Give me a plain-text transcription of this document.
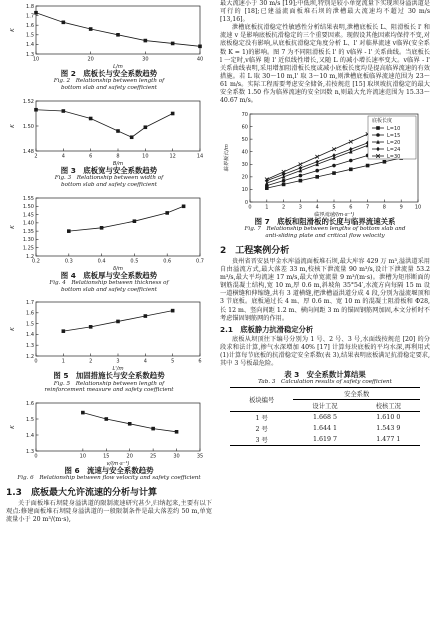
1.8
1.7
1.6
1.5
1.4
1.3
10	20	30	40
L/m
K
图 2　底板长与安全系数趋势
Fig. 2　Relationship between length of
bottom slab and safety coefficient
1.52
1.50
1.48
2	4	6	8	10	12	14
B/m
K
图 3　底板宽与安全系数趋势
Fig. 3　Relationship between width of
bottom slab and safety coefficient
1.55
1.50
1.45
1.40
1.35
1.30
1.25
1.2
0.2	0.3	0.4	0.5	0.6	0.7
δ/m
K
图 4　底板厚与安全系数趋势
Fig. 4　Relationship between thickness of
bottom slab and safety coefficient
1.7
1.6
1.5
1.4
1.3
1.2
0	1	2	3	4	5	6
L'/m
K
图 5　加固措施长与安全系数趋势
Fig. 5　Relationship between length of
reinforcement measure and safety coefficient
1.6
1.5
1.4
1.3
0	10	15	20	25	30	35
v/(m·s⁻¹)
K
图 6　流速与安全系数趋势
Fig. 6　Relationship between flow velocity and safety coefficient
1.3　底板最大允许流速的分析与计算

关于面板堆石坝陡身溢洪道的限制流速研究甚少,归纳起来,主要有以下观点:修建面板堆石坝陡身溢洪道的一般限制条件是最大落差约 50 m,单宽流量小于 20 m³/(m·s),

最大流速小于 30 m/s [19];中低坝,特别是较小单宽流量下实现坝身溢洪道是可行的 [18];已建溢流面板堆石坝的泄槽最大流速均不超过 30 m/s [13,16]。

泄槽底板抗滑稳定性敏感性分析结果表明,泄槽底板长 L、阻滑板长 l' 和流速 v 是影响底板抗滑稳定的三个重要因素。现假设其他因素均保持不变,对底板稳定没有影响,从底板抗滑稳定角度分析 L、l' 对临界流速 v临界(安全系数 K = 1)的影响。图 7 为不同阻滑板长 l' 的 v临界 - l' 关系曲线。当底板长 l 一定时,v临界 随 l' 近似线性增长,又随 L 的减小增长速率变大。v临界 - l' 关系曲线表明,采用增加阻滑板长度或减小底板长度均是提高临界流速的有效措施。若 L 取 30～10 m,l' 取 3～10 m,则泄槽底板临界流速范围为 23～61 m/s。实际工程需要考虑安全储备,若按规范 [15] 取坝坡抗滑稳定的最大安全系数 1.50 作为临界流速的安全因数 n,则最大允许流速范围为 15.33～40.67 m/s。

70
60
50
40
30
20
10
0
0	1	2	3	4	5	6	7	8	9 10
临界流速/(m·s⁻¹)
临界板长/m
底板长度
L=10
L=15
L=20
L=24
L=30
图 7　底板和阻滑板的长度与临界流速关系
Fig. 7　Relationship between lengths of bottom slab and
anti-sliding plate and critical flow velocity
2　工程案例分析

贵州省晋安县甲金水库溢流面板堆石坝,最大库容 429 万 m³,溢洪道采用自由溢流方式,最大落差 33 m,校核下泄流量 90 m³/s,设计下泄流量 53.2 m³/s,最大平均流速 17 m/s,最大单宽流量 9 m³/(m·s)。泄槽为矩形断面的钢筋混凝土结构,宽 10 m,厚 0.6 m,斜坡角 35°54′,水流方向每隔 15 m 设一道横缝和伸缩缝,共有 3 道横缝,把泄槽溢洪道分成 4 段,分别为溢流堰顶和 3 节底板。底板通过长 4 m、厚 0.6 m、宽 10 m 的混凝土阻滑板和 Φ28,长 12 m、竖向间距 1.2 m、横向间距 3 m 的锚固钢筋网加固,本文分析时不考虑锚固钢筋网的作用。

2.1　底板静力抗滑稳定分析

底板从坝顶往下编号分别为 1 号、2 号、3 号,水面线按规范 [20] 的分段求和法计算,掺气水深增加 40% [17] 计算每块底板的平均水深,再利用式(1)计算每节底板的抗滑稳定安全系数(表 3),结果表明底板满足抗滑稳定要求,其中 3 号板最危险。

表 3　安全系数计算结果
Tab. 3　Calculation results of safety coefficient
板块编号	安全系数	
	设计工况	校核工况
1 号	1.668 5	1.610 0
2 号	1.644 1	1.543 9
3 号	1.619 7	1.477 1
